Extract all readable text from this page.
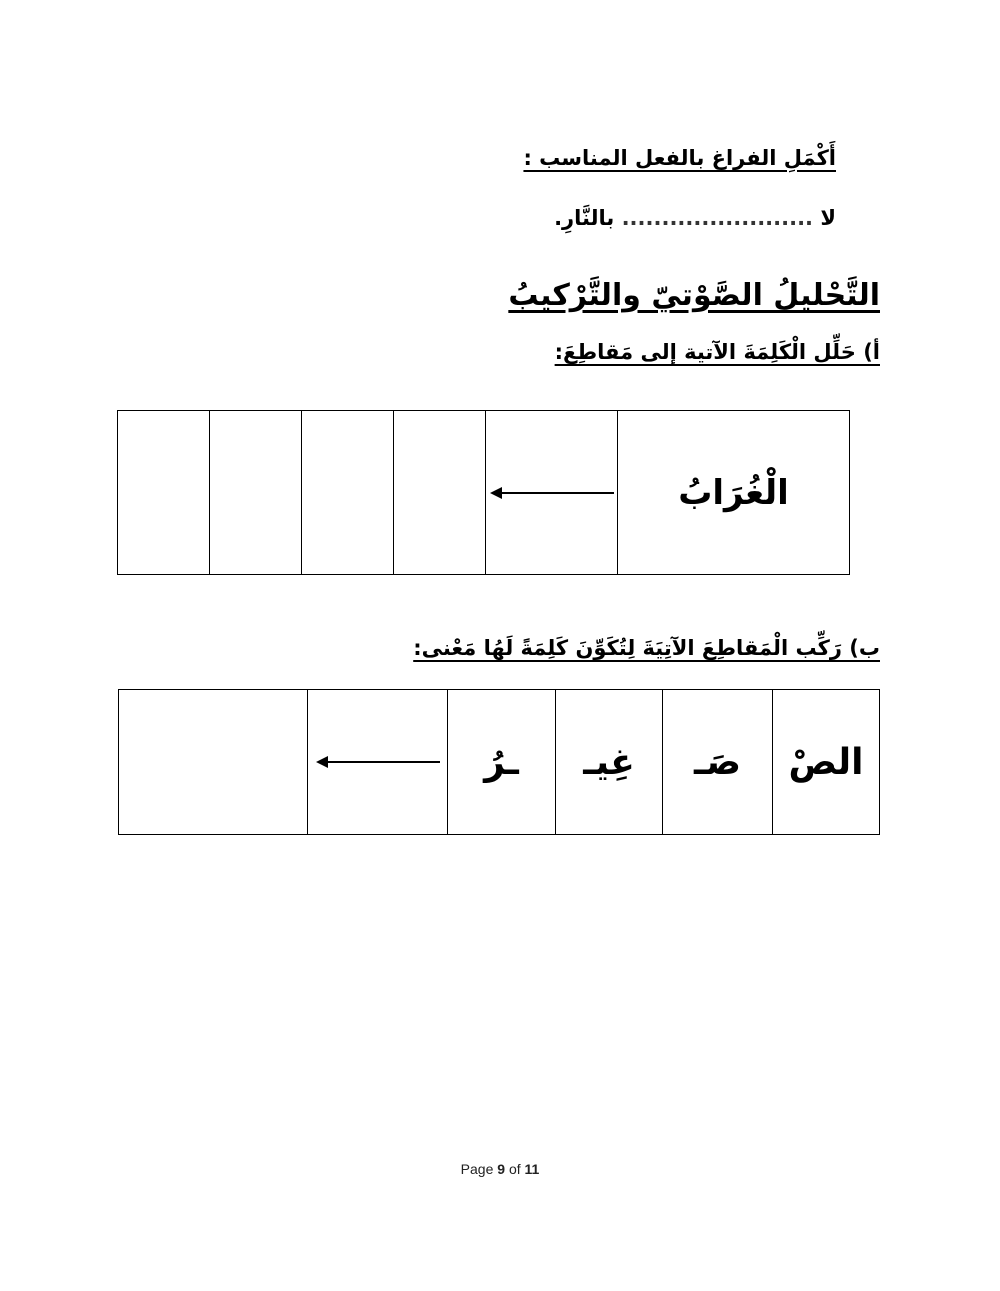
أَكْمَلِ الفراغ بالفعل المناسب :
لا ........................ بالنَّارِ.
التَّحْليلُ الصَّوْتيّ والتَّرْكيبُ
أ) حَلِّل الْكَلِمَةَ الآتية إلى مَقاطِعَ:

	الْغُرَابُ
ب) رَكِّب الْمَقاطِعَ الآتِيَةَ لِتُكَوِّنَ كَلِمَةً لَهُا مَعْنى:

	ـرُ	غِيـ	صَـ	الصْ
Page 9 of 11
